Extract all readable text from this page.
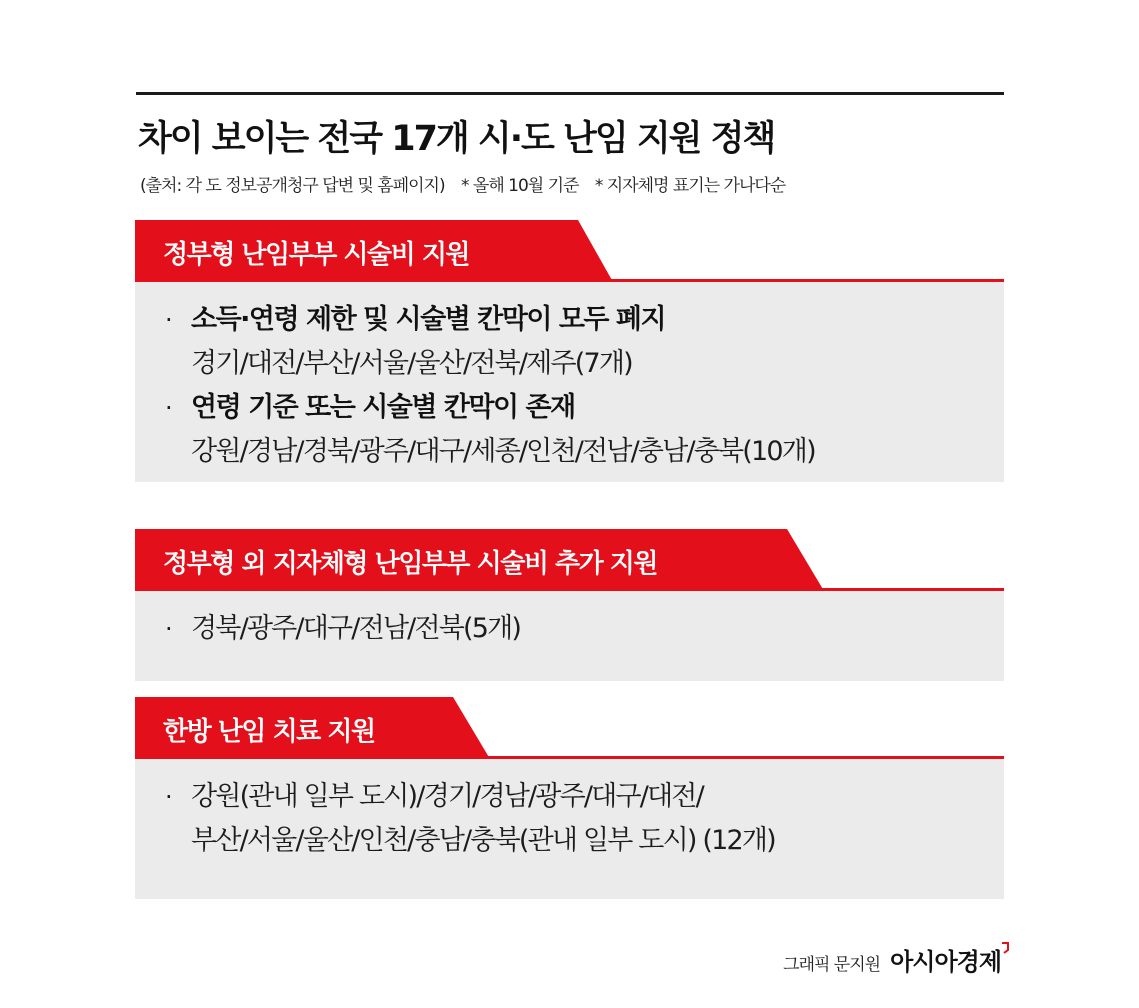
차이 보이는 전국 17개 시·도 난임 지원 정책
(출처: 각 도 정보공개청구 답변 및 홈페이지) * 올해 10월 기준 * 지자체명 표기는 가나다순
정부형 난임부부 시술비 지원
· 소득·연령 제한 및 시술별 칸막이 모두 폐지
경기/대전/부산/서울/울산/전북/제주(7개)
· 연령 기준 또는 시술별 칸막이 존재
강원/경남/경북/광주/대구/세종/인천/전남/충남/충북(10개)
정부형 외 지자체형 난임부부 시술비 추가 지원
· 경북/광주/대구/전남/전북(5개)
한방 난임 치료 지원
· 강원(관내 일부 도시)/경기/경남/광주/대구/대전/
부산/서울/울산/인천/충남/충북(관내 일부 도시) (12개)
그래픽 문지원 아시아경제
